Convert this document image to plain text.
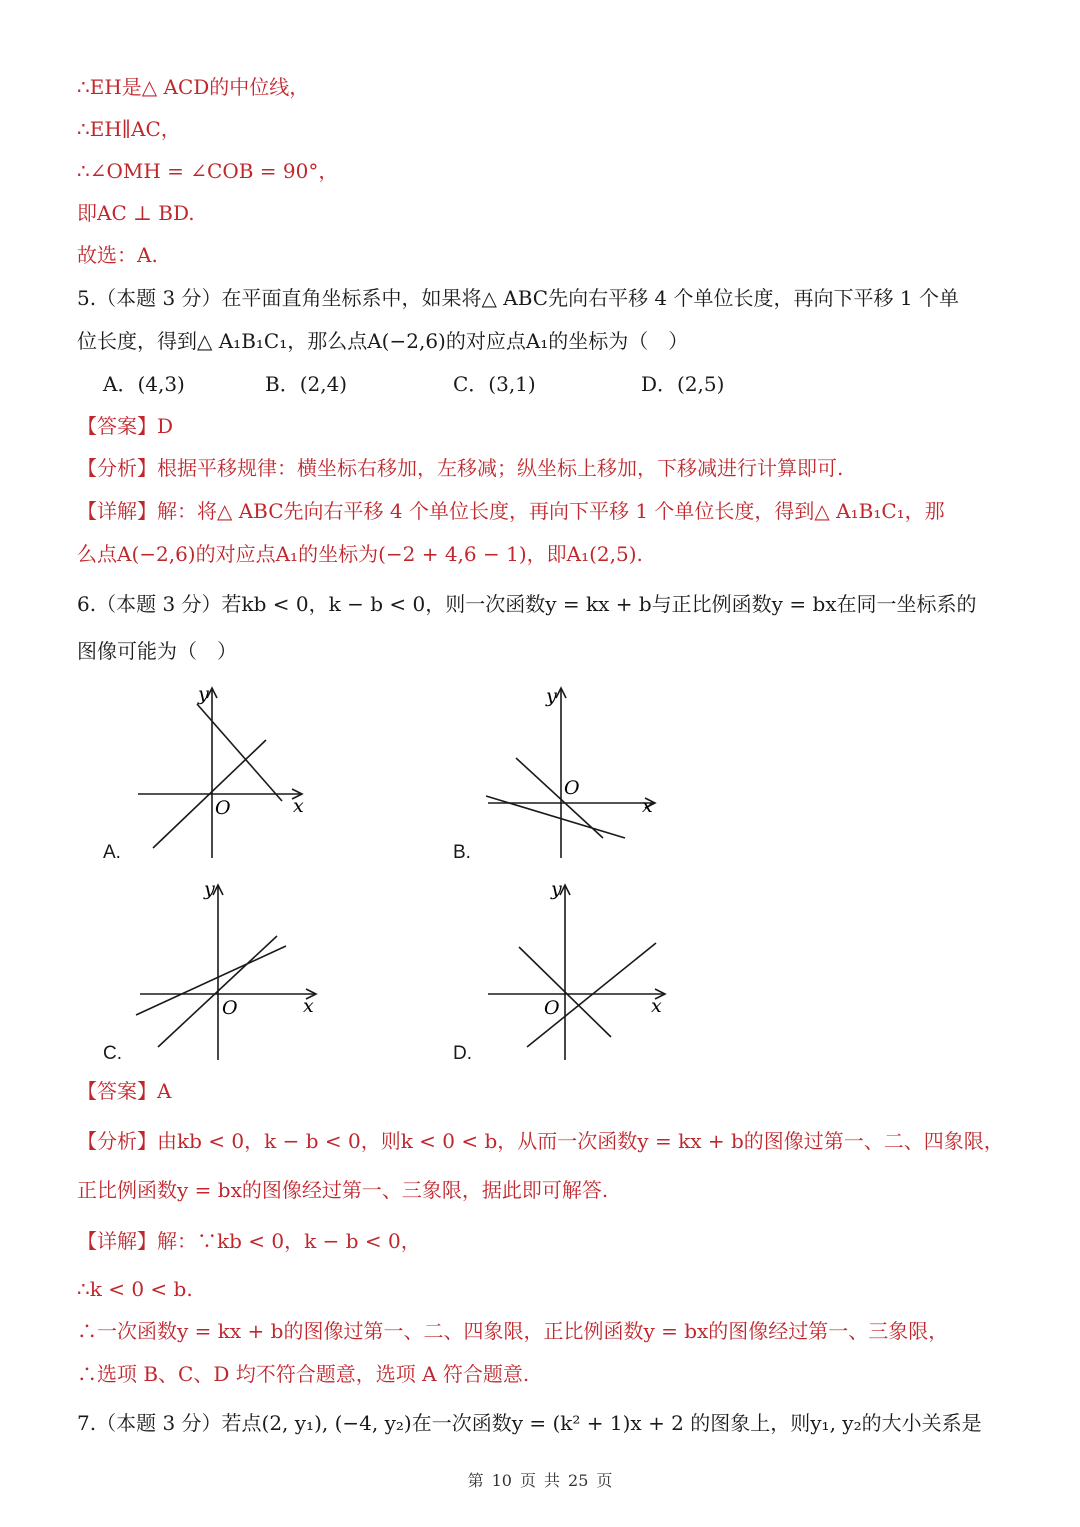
∴EH是△ ACD的中位线，
∴EH∥AC，
∴∠OMH = ∠COB = 90°，
即AC ⊥ BD.
故选：A.
5.（本题 3 分）在平面直角坐标系中，如果将△ ABC先向右平移 4 个单位长度，再向下平移 1 个单
位长度，得到△ A₁B₁C₁，那么点A(−2,6)的对应点A₁的坐标为（　）
A．(4,3)	B．(2,4)	C．(3,1)	D．(2,5)
【答案】D
【分析】根据平移规律：横坐标右移加，左移减；纵坐标上移加，下移减进行计算即可.
【详解】解：将△ ABC先向右平移 4 个单位长度，再向下平移 1 个单位长度，得到△ A₁B₁C₁，那
么点A(−2,6)的对应点A₁的坐标为(−2 + 4,6 − 1)，即A₁(2,5).
6.（本题 3 分）若kb < 0，k − b < 0，则一次函数y = kx + b与正比例函数y = bx在同一坐标系的
图像可能为（　）
y
x
O
A.
y
x
O
B.
y
x
O
C.
y
x
O
D.
【答案】A
【分析】由kb < 0，k − b < 0，则k < 0 < b，从而一次函数y = kx + b的图像过第一、二、四象限，
正比例函数y = bx的图像经过第一、三象限，据此即可解答.
【详解】解：∵kb < 0，k − b < 0，
∴k < 0 < b.
∴一次函数y = kx + b的图像过第一、二、四象限，正比例函数y = bx的图像经过第一、三象限，
∴选项 B、C、D 均不符合题意，选项 A 符合题意.
7.（本题 3 分）若点(2, y₁), (−4, y₂)在一次函数y = (k² + 1)x + 2 的图象上，则y₁, y₂的大小关系是
第 10 页 共 25 页
